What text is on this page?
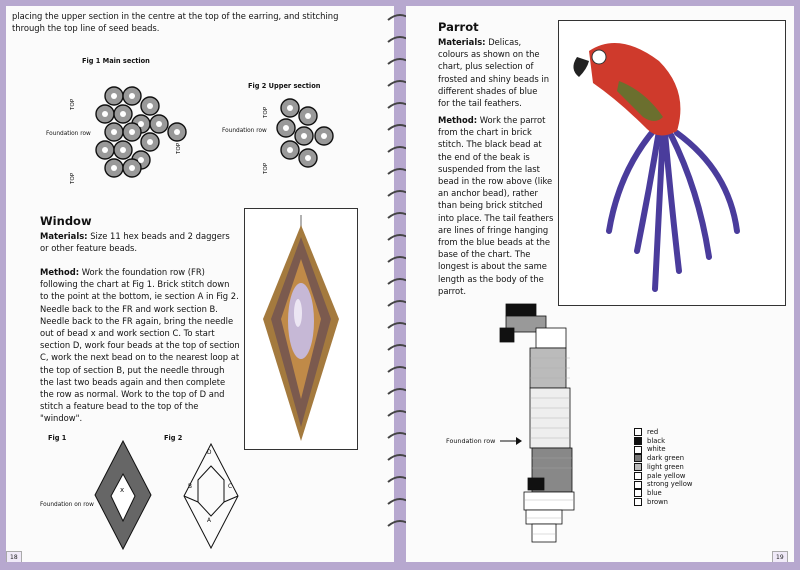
placing the upper section in the centre at the top of the earring, and stitching through the top line of seed beads.

Fig 1 Main section
Fig 2 Upper section
TOP
TOP
TOP
TOP
TOP
Foundation row	Foundation row
Window

Materials: Size 11 hex beads and 2 daggers or other feature beads.

Method: Work the foundation row (FR) following the chart at Fig 1. Brick stitch down to the point at the bottom, ie section A in Fig 2. Needle back to the FR and work section B. Needle back to the FR again, bring the needle out of bead x and work section C. To start section D, work four beads at the top of section C, work the next bead on to the nearest loop at the top of section B, put the needle through the last two beads again and then complete the row as normal. Work to the top of D and stitch a feature bead to the top of the "window".

Fig 1	Fig 2
Foundation on row
x
D
B	C
A
18
Parrot

Materials: Delicas, colours as shown on the chart, plus selection of frosted and shiny beads in different shades of blue for the tail feathers.

Method: Work the parrot from the chart in brick stitch. The black bead at the end of the beak is suspended from the last bead in the row above (like an anchor bead), rather than being brick stitched into place. The tail feathers are lines of fringe hanging from the blue beads at the base of the chart. The longest is about the same length as the body of the parrot.

Foundation row
red
black
white
dark green
light green
pale yellow
strong yellow
blue
brown
19
